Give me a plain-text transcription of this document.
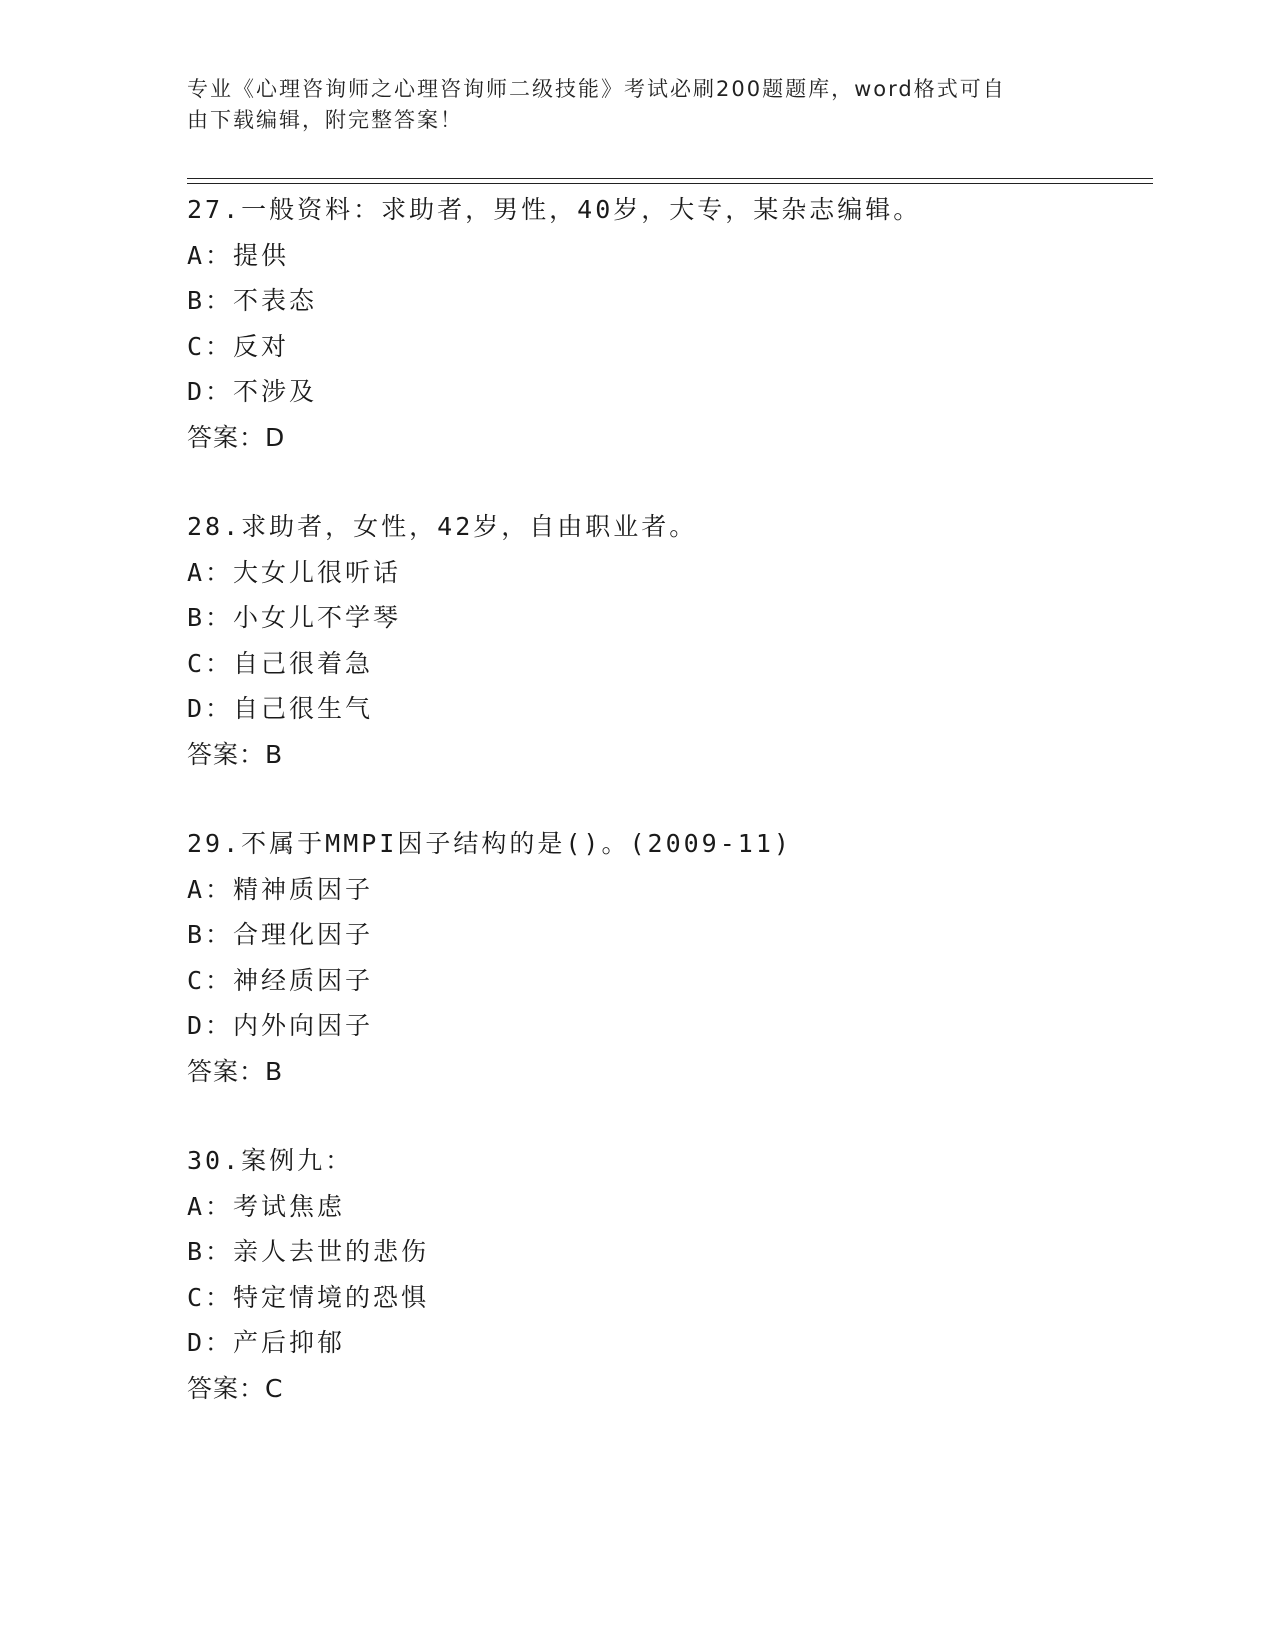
专业《心理咨询师之心理咨询师二级技能》考试必刷200题题库，word格式可自
由下载编辑，附完整答案！
27.一般资料：求助者，男性，40岁，大专，某杂志编辑。
A：提供
B：不表态
C：反对
D：不涉及
答案：D
28.求助者，女性，42岁，自由职业者。
A：大女儿很听话
B：小女儿不学琴
C：自己很着急
D：自己很生气
答案：B
29.不属于MMPI因子结构的是()。(2009-11)
A：精神质因子
B：合理化因子
C：神经质因子
D：内外向因子
答案：B
30.案例九：
A：考试焦虑
B：亲人去世的悲伤
C：特定情境的恐惧
D：产后抑郁
答案：C
